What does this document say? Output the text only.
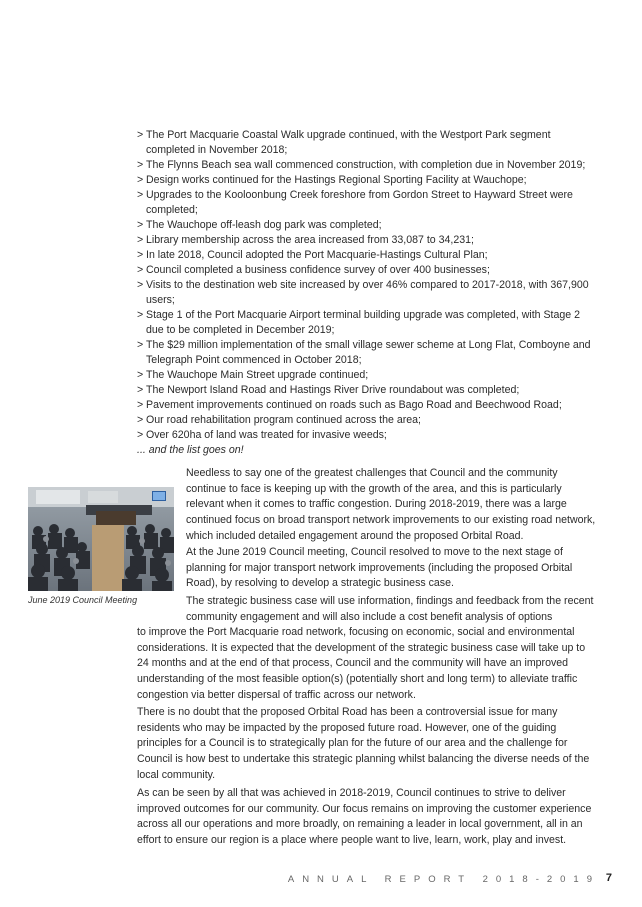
> The Port Macquarie Coastal Walk upgrade continued, with the Westport Park segment completed in November 2018;
> The Flynns Beach sea wall commenced construction, with completion due in November 2019;
> Design works continued for the Hastings Regional Sporting Facility at Wauchope;
> Upgrades to the Kooloonbung Creek foreshore from Gordon Street to Hayward Street were completed;
> The Wauchope off-leash dog park was completed;
> Library membership across the area increased from 33,087 to 34,231;
> In late 2018, Council adopted the Port Macquarie-Hastings Cultural Plan;
> Council completed a business confidence survey of over 400 businesses;
> Visits to the destination web site increased by over 46% compared to 2017-2018, with 367,900 users;
> Stage 1 of the Port Macquarie Airport terminal building upgrade was completed, with Stage 2 due to be completed in December 2019;
> The $29 million implementation of the small village sewer scheme at Long Flat, Comboyne and Telegraph Point commenced in October 2018;
> The Wauchope Main Street upgrade continued;
> The Newport Island Road and Hastings River Drive roundabout was completed;
> Pavement improvements continued on roads such as Bago Road and Beechwood Road;
> Our road rehabilitation program continued across the area;
> Over 620ha of land was treated for invasive weeds;
... and the list goes on!
June 2019 Council Meeting

Needless to say one of the greatest challenges that Council and the community continue to face is keeping up with the growth of the area, and this is particularly relevant when it comes to traffic congestion. During 2018-2019, there was a large continued focus on broad transport network improvements to our existing road network, which included detailed engagement around the proposed Orbital Road.

At the June 2019 Council meeting, Council resolved to move to the next stage of planning for major transport network improvements (including the proposed Orbital Road), by resolving to develop a strategic business case.

The strategic business case will use information, findings and feedback from the recent community engagement and will also include a cost benefit analysis of options

to improve the Port Macquarie road network, focusing on economic, social and environmental considerations. It is expected that the development of the strategic business case will take up to 24 months and at the end of that process, Council and the community will have an improved understanding of the most feasible option(s) (potentially short and long term) to alleviate traffic congestion via better dispersal of traffic across our network.

There is no doubt that the proposed Orbital Road has been a controversial issue for many residents who may be impacted by the proposed future road. However, one of the guiding principles for a Council is to strategically plan for the future of our area and the challenge for Council is how best to undertake this strategic planning whilst balancing the diverse needs of the local community.

As can be seen by all that was achieved in 2018-2019, Council continues to strive to deliver improved outcomes for our community. Our focus remains on improving the customer experience across all our operations and more broadly, on remaining a leader in local government, all in an effort to ensure our region is a place where people want to live, learn, work, play and invest.

ANNUAL REPORT 2018-2019 7
